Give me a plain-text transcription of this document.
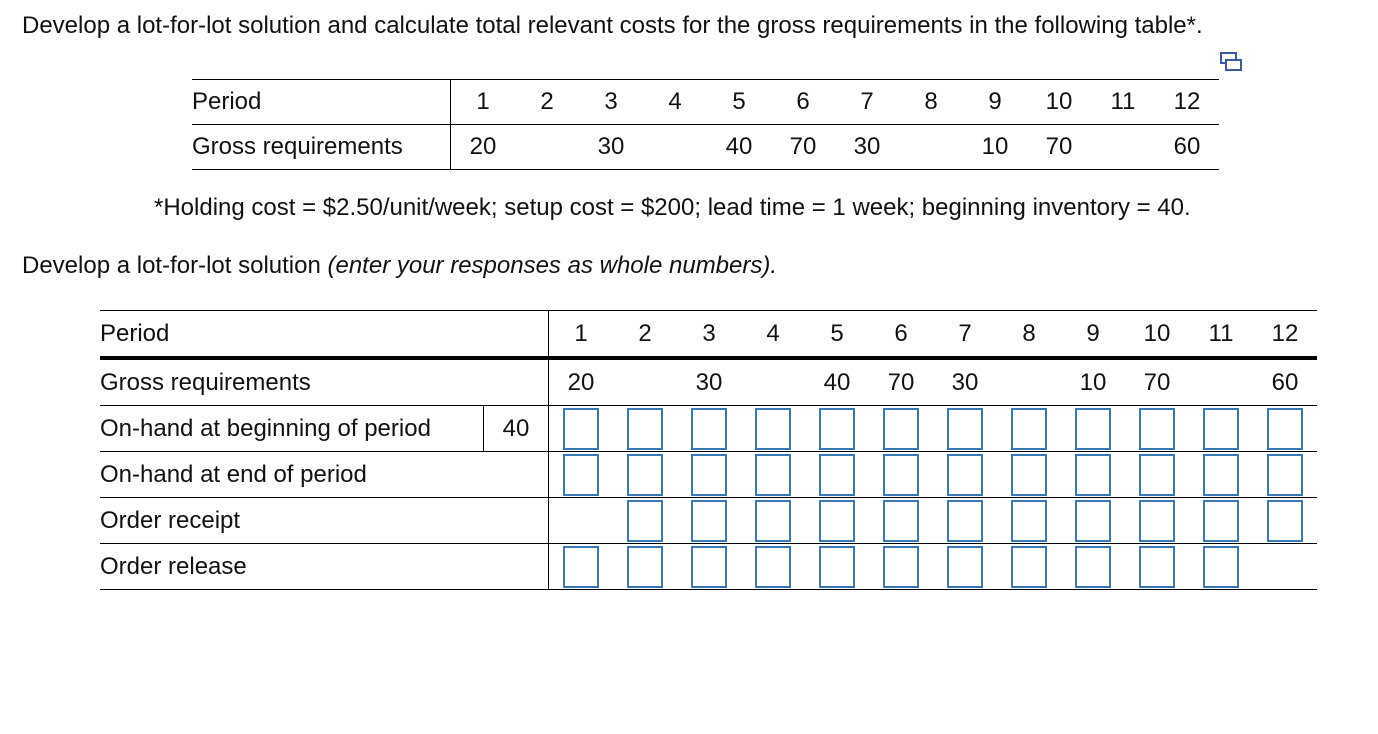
Develop a lot-for-lot solution and calculate total relevant costs for the gross requirements in the following table*.
Period	1	2	3	4	5	6	7	8	9	10	11	12
Gross requirements	20		30		40	70	30		10	70		60
*Holding cost = $2.50/unit/week; setup cost = $200; lead time = 1 week; beginning inventory = 40.
Develop a lot-for-lot solution (enter your responses as whole numbers).
Period		1	2	3	4	5	6	7	8	9	10	11	12
Gross requirements		20		30		40	70	30		10	70		60
On-hand at beginning of period	40	

On-hand at end of period		

Order receipt			

Order release		
